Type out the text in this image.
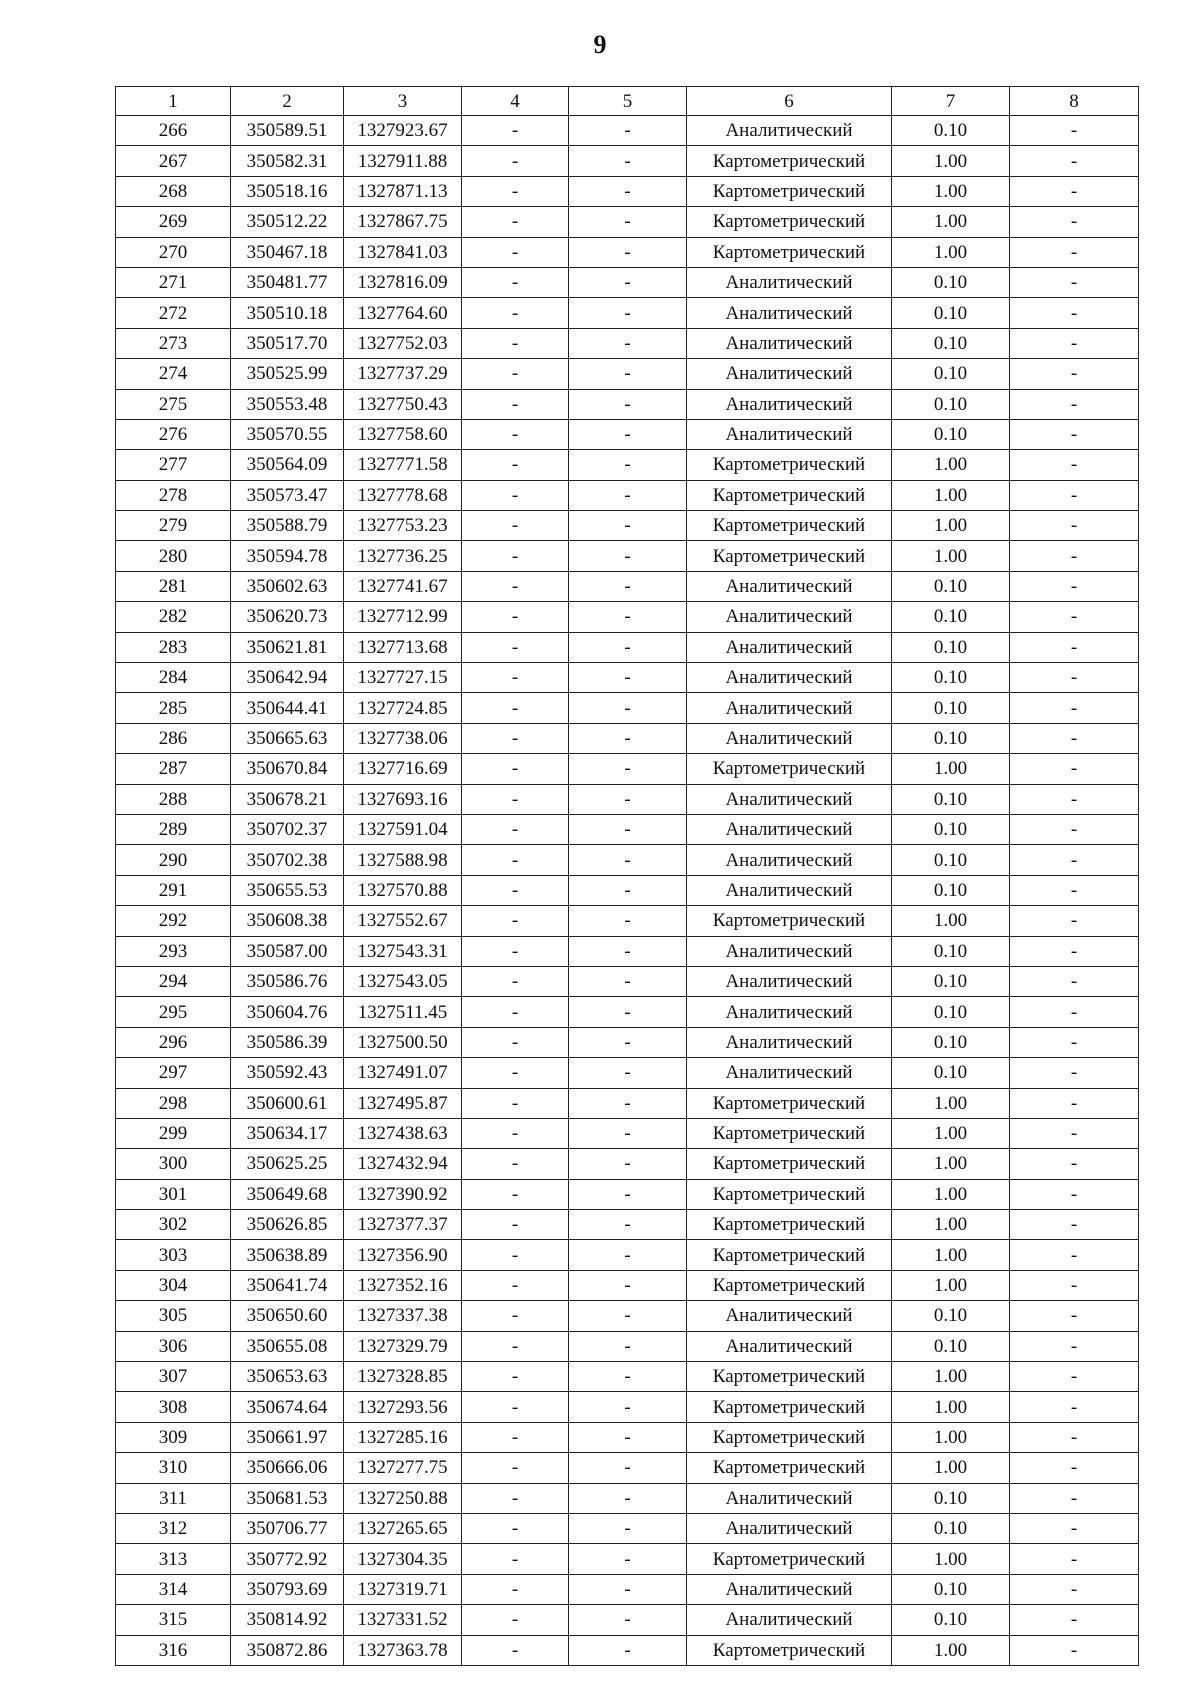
9
1	2	3	4	5	6	7	8
266	350589.51	1327923.67	-	-	Аналитический	0.10	-
267	350582.31	1327911.88	-	-	Картометрический	1.00	-
268	350518.16	1327871.13	-	-	Картометрический	1.00	-
269	350512.22	1327867.75	-	-	Картометрический	1.00	-
270	350467.18	1327841.03	-	-	Картометрический	1.00	-
271	350481.77	1327816.09	-	-	Аналитический	0.10	-
272	350510.18	1327764.60	-	-	Аналитический	0.10	-
273	350517.70	1327752.03	-	-	Аналитический	0.10	-
274	350525.99	1327737.29	-	-	Аналитический	0.10	-
275	350553.48	1327750.43	-	-	Аналитический	0.10	-
276	350570.55	1327758.60	-	-	Аналитический	0.10	-
277	350564.09	1327771.58	-	-	Картометрический	1.00	-
278	350573.47	1327778.68	-	-	Картометрический	1.00	-
279	350588.79	1327753.23	-	-	Картометрический	1.00	-
280	350594.78	1327736.25	-	-	Картометрический	1.00	-
281	350602.63	1327741.67	-	-	Аналитический	0.10	-
282	350620.73	1327712.99	-	-	Аналитический	0.10	-
283	350621.81	1327713.68	-	-	Аналитический	0.10	-
284	350642.94	1327727.15	-	-	Аналитический	0.10	-
285	350644.41	1327724.85	-	-	Аналитический	0.10	-
286	350665.63	1327738.06	-	-	Аналитический	0.10	-
287	350670.84	1327716.69	-	-	Картометрический	1.00	-
288	350678.21	1327693.16	-	-	Аналитический	0.10	-
289	350702.37	1327591.04	-	-	Аналитический	0.10	-
290	350702.38	1327588.98	-	-	Аналитический	0.10	-
291	350655.53	1327570.88	-	-	Аналитический	0.10	-
292	350608.38	1327552.67	-	-	Картометрический	1.00	-
293	350587.00	1327543.31	-	-	Аналитический	0.10	-
294	350586.76	1327543.05	-	-	Аналитический	0.10	-
295	350604.76	1327511.45	-	-	Аналитический	0.10	-
296	350586.39	1327500.50	-	-	Аналитический	0.10	-
297	350592.43	1327491.07	-	-	Аналитический	0.10	-
298	350600.61	1327495.87	-	-	Картометрический	1.00	-
299	350634.17	1327438.63	-	-	Картометрический	1.00	-
300	350625.25	1327432.94	-	-	Картометрический	1.00	-
301	350649.68	1327390.92	-	-	Картометрический	1.00	-
302	350626.85	1327377.37	-	-	Картометрический	1.00	-
303	350638.89	1327356.90	-	-	Картометрический	1.00	-
304	350641.74	1327352.16	-	-	Картометрический	1.00	-
305	350650.60	1327337.38	-	-	Аналитический	0.10	-
306	350655.08	1327329.79	-	-	Аналитический	0.10	-
307	350653.63	1327328.85	-	-	Картометрический	1.00	-
308	350674.64	1327293.56	-	-	Картометрический	1.00	-
309	350661.97	1327285.16	-	-	Картометрический	1.00	-
310	350666.06	1327277.75	-	-	Картометрический	1.00	-
311	350681.53	1327250.88	-	-	Аналитический	0.10	-
312	350706.77	1327265.65	-	-	Аналитический	0.10	-
313	350772.92	1327304.35	-	-	Картометрический	1.00	-
314	350793.69	1327319.71	-	-	Аналитический	0.10	-
315	350814.92	1327331.52	-	-	Аналитический	0.10	-
316	350872.86	1327363.78	-	-	Картометрический	1.00	-
